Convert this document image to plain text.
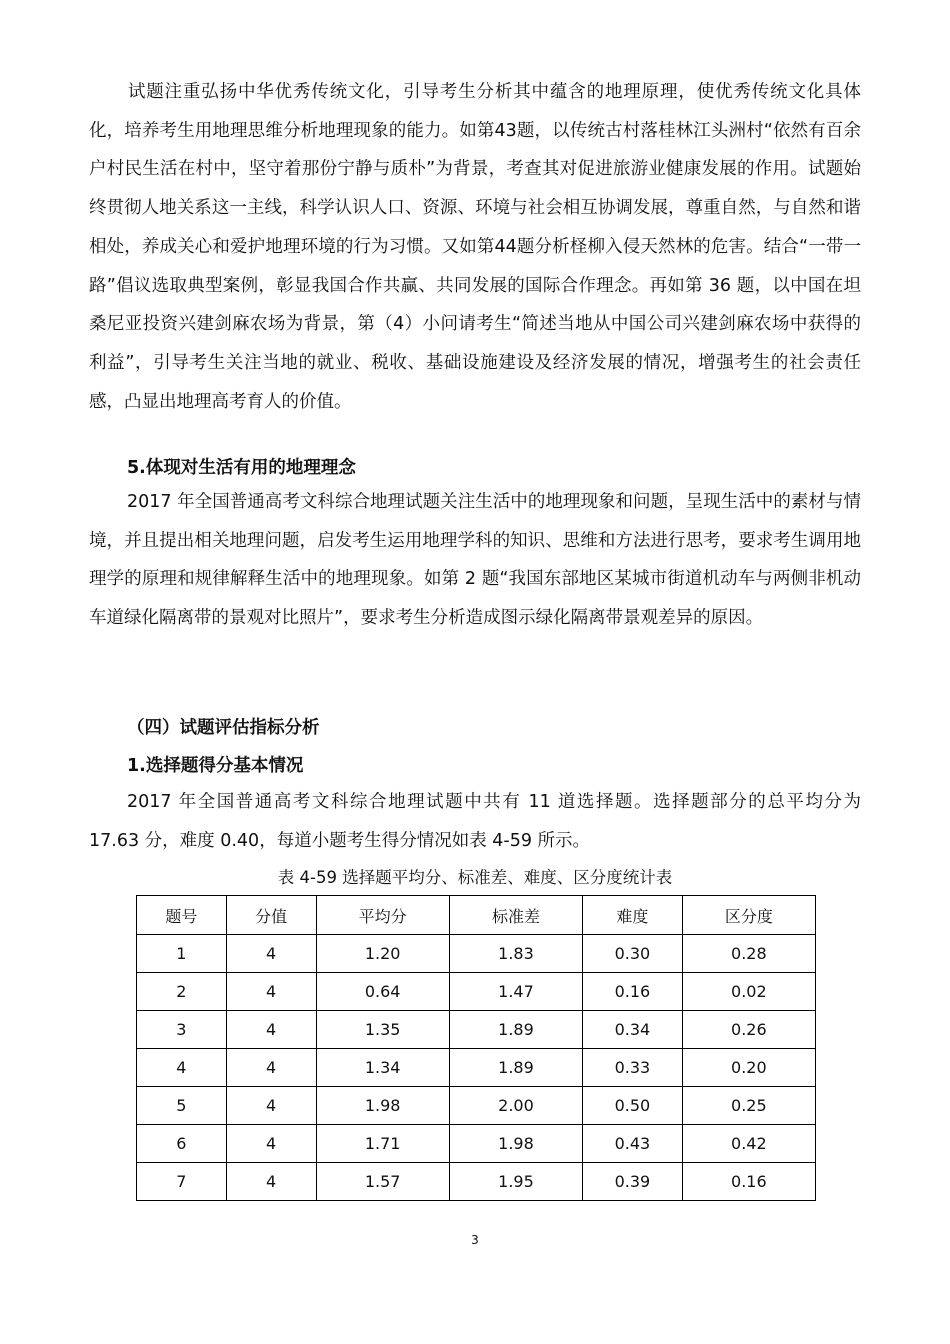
试题注重弘扬中华优秀传统文化，引导考生分析其中蕴含的地理原理，使优秀传统文化具体化，培养考生用地理思维分析地理现象的能力。如第43题，以传统古村落桂林江头洲村“依然有百余户村民生活在村中，坚守着那份宁静与质朴”为背景，考查其对促进旅游业健康发展的作用。试题始终贯彻人地关系这一主线，科学认识人口、资源、环境与社会相互协调发展，尊重自然，与自然和谐相处，养成关心和爱护地理环境的行为习惯。又如第44题分析柽柳入侵天然林的危害。结合“一带一路”倡议选取典型案例，彰显我国合作共赢、共同发展的国际合作理念。再如第 36 题，以中国在坦桑尼亚投资兴建剑麻农场为背景，第（4）小问请考生“简述当地从中国公司兴建剑麻农场中获得的利益”，引导考生关注当地的就业、税收、基础设施建设及经济发展的情况，增强考生的社会责任感，凸显出地理高考育人的价值。

5.体现对生活有用的地理理念

2017 年全国普通高考文科综合地理试题关注生活中的地理现象和问题，呈现生活中的素材与情境，并且提出相关地理问题，启发考生运用地理学科的知识、思维和方法进行思考，要求考生调用地理学的原理和规律解释生活中的地理现象。如第 2 题“我国东部地区某城市街道机动车与两侧非机动车道绿化隔离带的景观对比照片”，要求考生分析造成图示绿化隔离带景观差异的原因。

（四）试题评估指标分析

1.选择题得分基本情况

2017 年全国普通高考文科综合地理试题中共有 11 道选择题。选择题部分的总平均分为 17.63 分，难度 0.40，每道小题考生得分情况如表 4-59 所示。

表 4-59 选择题平均分、标准差、难度、区分度统计表

题号	分值	平均分	标准差	难度	区分度
1	4	1.20	1.83	0.30	0.28
2	4	0.64	1.47	0.16	0.02
3	4	1.35	1.89	0.34	0.26
4	4	1.34	1.89	0.33	0.20
5	4	1.98	2.00	0.50	0.25
6	4	1.71	1.98	0.43	0.42
7	4	1.57	1.95	0.39	0.16

3
